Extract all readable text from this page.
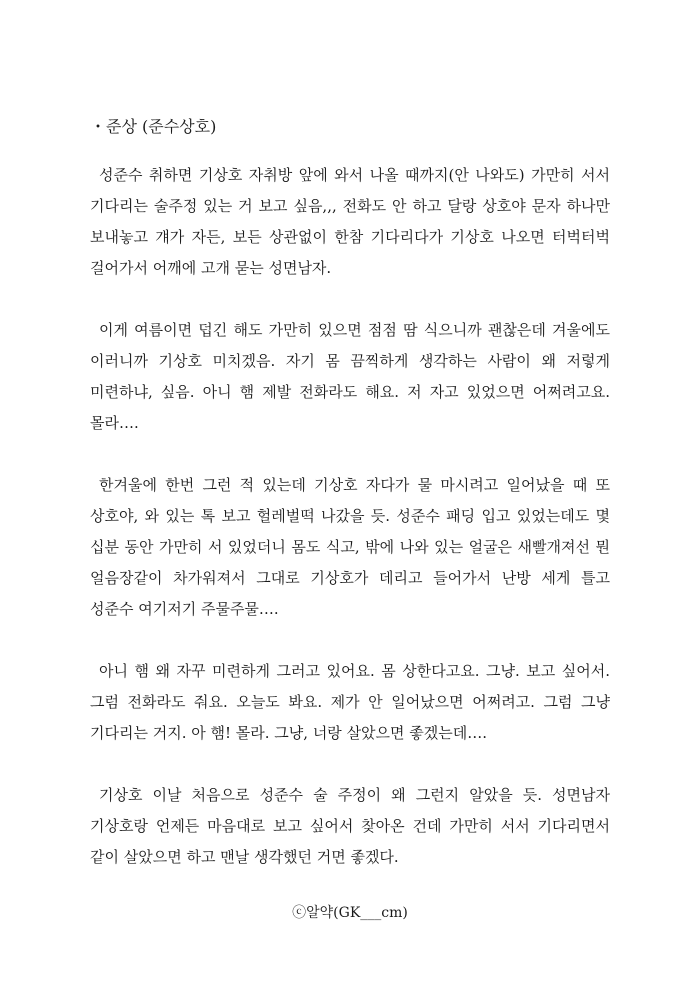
・준상 (준수상호)

성준수 취하면 기상호 자취방 앞에 와서 나올 때까지(안 나와도) 가만히 서서 기다리는 술주정 있는 거 보고 싶음,,, 전화도 안 하고 달랑 상호야 문자 하나만 보내놓고 걔가 자든, 보든 상관없이 한참 기다리다가 기상호 나오면 터벅터벅 걸어가서 어깨에 고개 묻는 성면남자.

이게 여름이면 덥긴 해도 가만히 있으면 점점 땀 식으니까 괜찮은데 겨울에도 이러니까 기상호 미치겠음. 자기 몸 끔찍하게 생각하는 사람이 왜 저렇게 미련하냐, 싶음. 아니 햄 제발 전화라도 해요. 저 자고 있었으면 어쩌려고요. 몰라….

한겨울에 한번 그런 적 있는데 기상호 자다가 물 마시려고 일어났을 때 또 상호야, 와 있는 톡 보고 헐레벌떡 나갔을 듯. 성준수 패딩 입고 있었는데도 몇 십분 동안 가만히 서 있었더니 몸도 식고, 밖에 나와 있는 얼굴은 새빨개져선 뭔 얼음장같이 차가워져서 그대로 기상호가 데리고 들어가서 난방 세게 틀고 성준수 여기저기 주물주물….

아니 햄 왜 자꾸 미련하게 그러고 있어요. 몸 상한다고요. 그냥. 보고 싶어서. 그럼 전화라도 줘요. 오늘도 봐요. 제가 안 일어났으면 어쩌려고. 그럼 그냥 기다리는 거지. 아 햄! 몰라. 그냥, 너랑 살았으면 좋겠는데….

기상호 이날 처음으로 성준수 술 주정이 왜 그런지 알았을 듯. 성면남자 기상호랑 언제든 마음대로 보고 싶어서 찾아온 건데 가만히 서서 기다리면서 같이 살았으면 하고 맨날 생각했던 거면 좋겠다.

ⓒ알약(GK___cm)
